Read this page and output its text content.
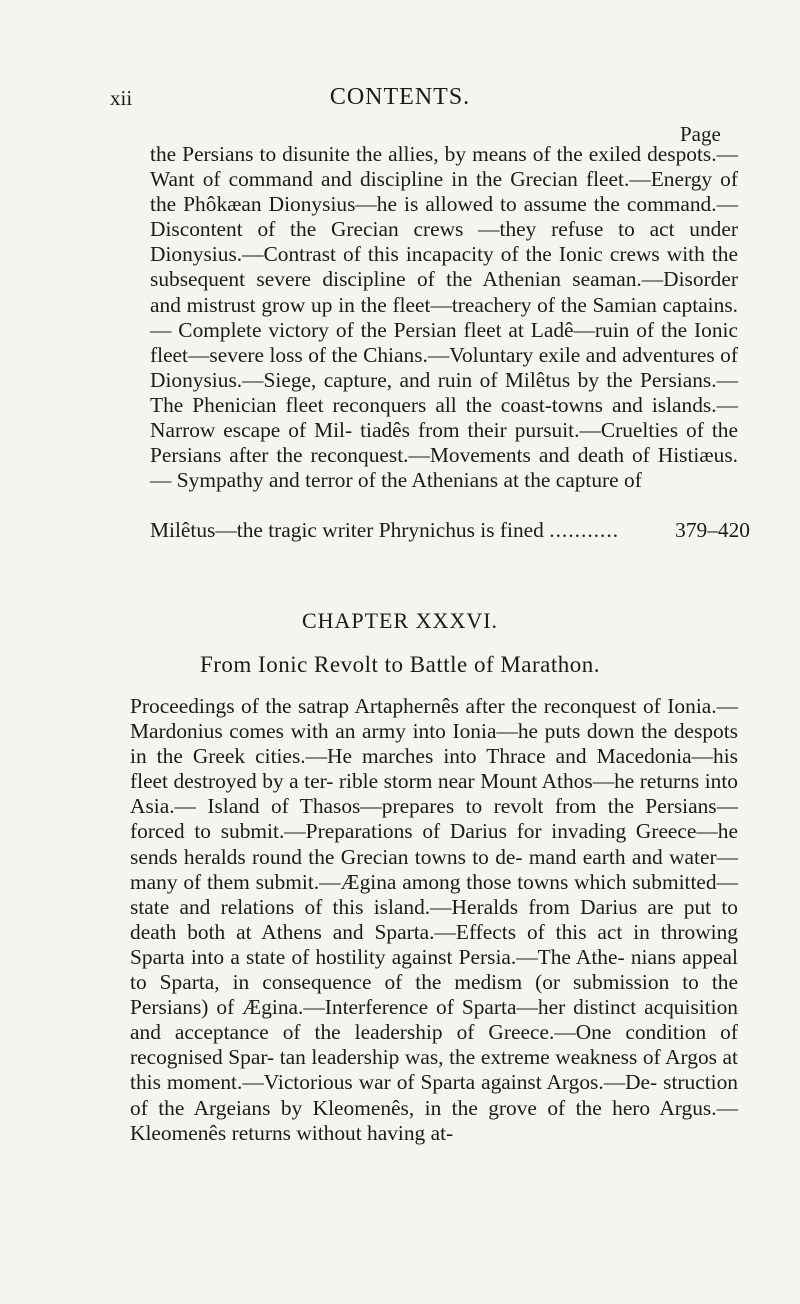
xii	CONTENTS.
Page

the Persians to disunite the allies, by means of the exiled despots.—Want of command and discipline in the Grecian fleet.—Energy of the Phôkæan Dionysius—he is allowed to assume the command.—Discontent of the Grecian crews —they refuse to act under Dionysius.—Contrast of this incapacity of the Ionic crews with the subsequent severe discipline of the Athenian seaman.—Disorder and mistrust grow up in the fleet—treachery of the Samian captains.— Complete victory of the Persian fleet at Ladê—ruin of the Ionic fleet—severe loss of the Chians.—Voluntary exile and adventures of Dionysius.—Siege, capture, and ruin of Milêtus by the Persians.—The Phenician fleet reconquers all the coast-towns and islands.—Narrow escape of Mil- tiadês from their pursuit.—Cruelties of the Persians after the reconquest.—Movements and death of Histiæus.— Sympathy and terror of the Athenians at the capture of

Milêtus—the tragic writer Phrynichus is fined ...........	379–420
CHAPTER XXXVI.
From Ionic Revolt to Battle of Marathon.

Proceedings of the satrap Artaphernês after the reconquest of Ionia.—Mardonius comes with an army into Ionia—he puts down the despots in the Greek cities.—He marches into Thrace and Macedonia—his fleet destroyed by a ter- rible storm near Mount Athos—he returns into Asia.— Island of Thasos—prepares to revolt from the Persians— forced to submit.—Preparations of Darius for invading Greece—he sends heralds round the Grecian towns to de- mand earth and water—many of them submit.—Ægina among those towns which submitted—state and relations of this island.—Heralds from Darius are put to death both at Athens and Sparta.—Effects of this act in throwing Sparta into a state of hostility against Persia.—The Athe- nians appeal to Sparta, in consequence of the medism (or submission to the Persians) of Ægina.—Interference of Sparta—her distinct acquisition and acceptance of the leadership of Greece.—One condition of recognised Spar- tan leadership was, the extreme weakness of Argos at this moment.—Victorious war of Sparta against Argos.—De- struction of the Argeians by Kleomenês, in the grove of the hero Argus.—Kleomenês returns without having at-
